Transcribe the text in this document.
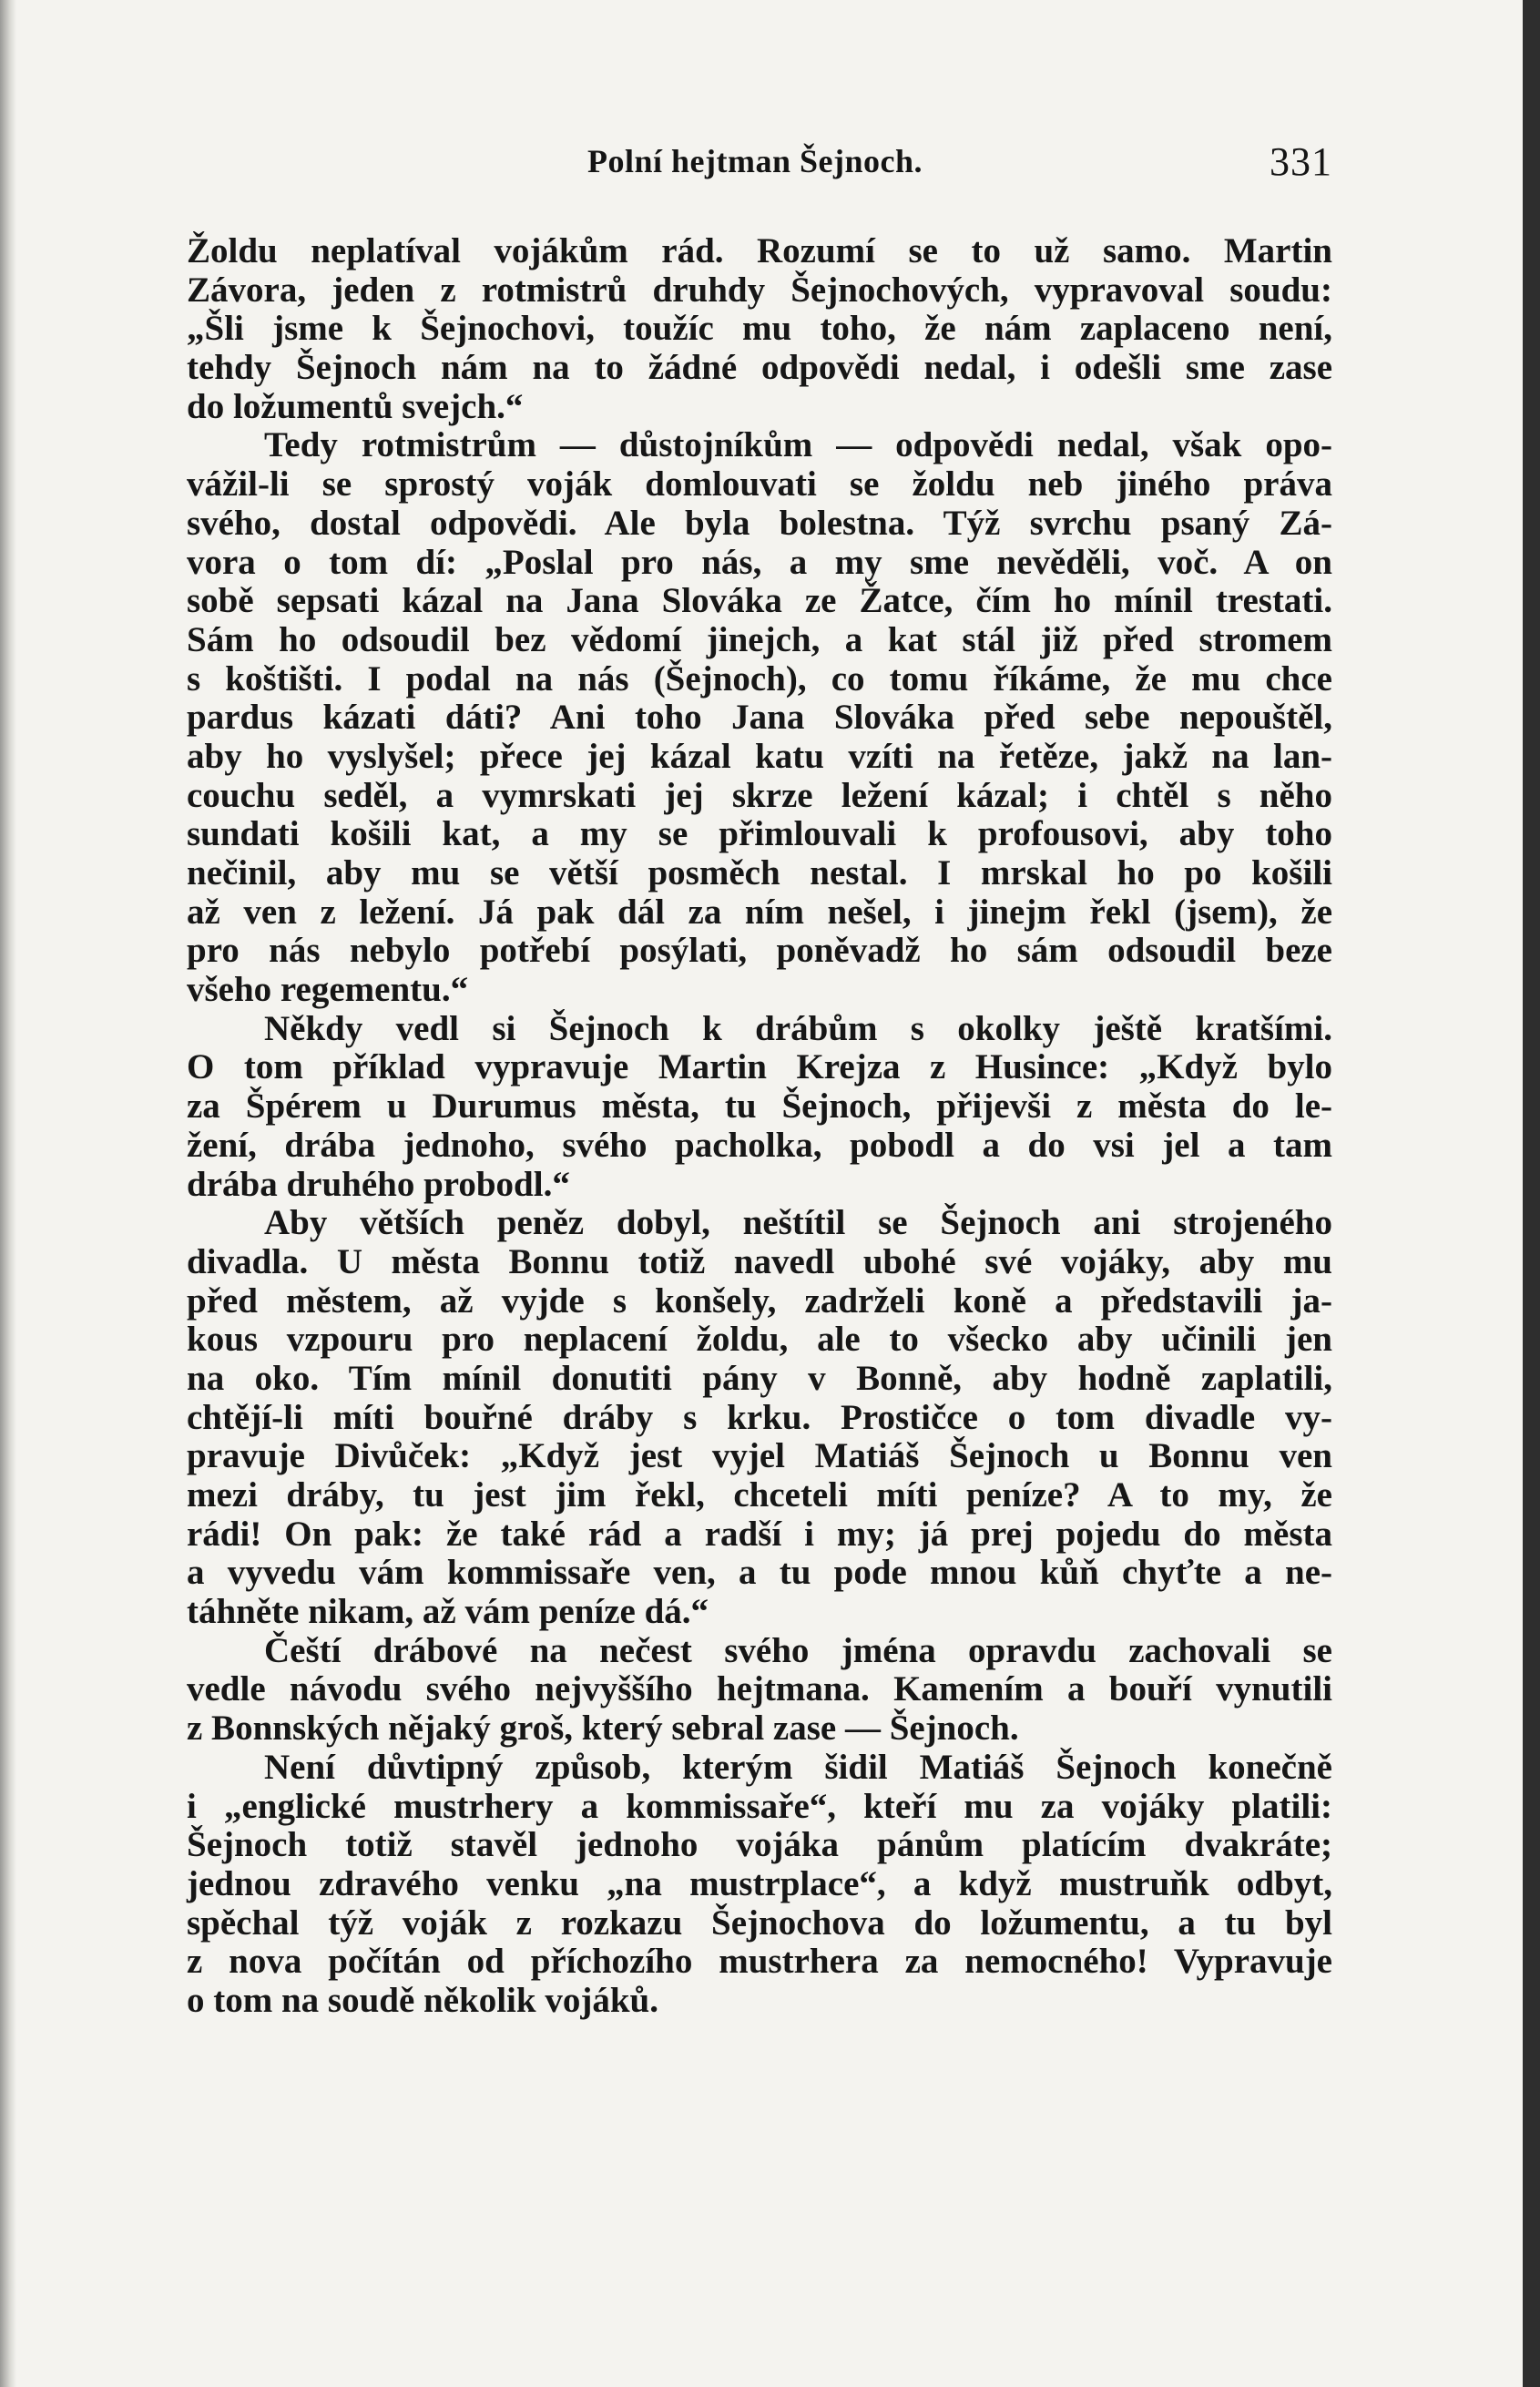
Polní hejtman Šejnoch.	331
Žoldu neplatíval vojákům rád. Rozumí se to už samo. Martin
Závora, jeden z rotmistrů druhdy Šejnochových, vypravoval soudu:
„Šli jsme k Šejnochovi, toužíc mu toho, že nám zaplaceno není,
tehdy Šejnoch nám na to žádné odpovědi nedal, i odešli sme zase
do ložumentů svejch.“
Tedy rotmistrům — důstojníkům — odpovědi nedal, však opo-
vážil-li se sprostý voják domlouvati se žoldu neb jiného práva
svého, dostal odpovědi. Ale byla bolestna. Týž svrchu psaný Zá-
vora o tom dí: „Poslal pro nás, a my sme nevěděli, voč. A on
sobě sepsati kázal na Jana Slováka ze Žatce, čím ho mínil trestati.
Sám ho odsoudil bez vědomí jinejch, a kat stál již před stromem
s koštišti. I podal na nás (Šejnoch), co tomu říkáme, že mu chce
pardus kázati dáti? Ani toho Jana Slováka před sebe nepouštěl,
aby ho vyslyšel; přece jej kázal katu vzíti na řetěze, jakž na lan-
couchu seděl, a vymrskati jej skrze ležení kázal; i chtěl s něho
sundati košili kat, a my se přimlouvali k profousovi, aby toho
nečinil, aby mu se větší posměch nestal. I mrskal ho po košili
až ven z ležení. Já pak dál za ním nešel, i jinejm řekl (jsem), že
pro nás nebylo potřebí posýlati, poněvadž ho sám odsoudil beze
všeho regementu.“
Někdy vedl si Šejnoch k drábům s okolky ještě kratšími.
O tom příklad vypravuje Martin Krejza z Husince: „Když bylo
za Špérem u Durumus města, tu Šejnoch, přijevši z města do le-
žení, drába jednoho, svého pacholka, pobodl a do vsi jel a tam
drába druhého probodl.“
Aby větších peněz dobyl, neštítil se Šejnoch ani strojeného
divadla. U města Bonnu totiž navedl ubohé své vojáky, aby mu
před městem, až vyjde s konšely, zadrželi koně a představili ja-
kous vzpouru pro neplacení žoldu, ale to všecko aby učinili jen
na oko. Tím mínil donutiti pány v Bonně, aby hodně zaplatili,
chtějí-li míti bouřné dráby s krku. Prostičce o tom divadle vy-
pravuje Divůček: „Když jest vyjel Matiáš Šejnoch u Bonnu ven
mezi dráby, tu jest jim řekl, chceteli míti peníze? A to my, že
rádi! On pak: že také rád a radší i my; já prej pojedu do města
a vyvedu vám kommissaře ven, a tu pode mnou kůň chyťte a ne-
táhněte nikam, až vám peníze dá.“
Čeští drábové na nečest svého jména opravdu zachovali se
vedle návodu svého nejvyššího hejtmana. Kamením a bouří vynutili
z Bonnských nějaký groš, který sebral zase — Šejnoch.
Není důvtipný způsob, kterým šidil Matiáš Šejnoch konečně
i „englické mustrhery a kommissaře“, kteří mu za vojáky platili:
Šejnoch totiž stavěl jednoho vojáka pánům platícím dvakráte;
jednou zdravého venku „na mustrplace“, a když mustruňk odbyt,
spěchal týž voják z rozkazu Šejnochova do ložumentu, a tu byl
z nova počítán od příchozího mustrhera za nemocného! Vypravuje
o tom na soudě několik vojáků.
